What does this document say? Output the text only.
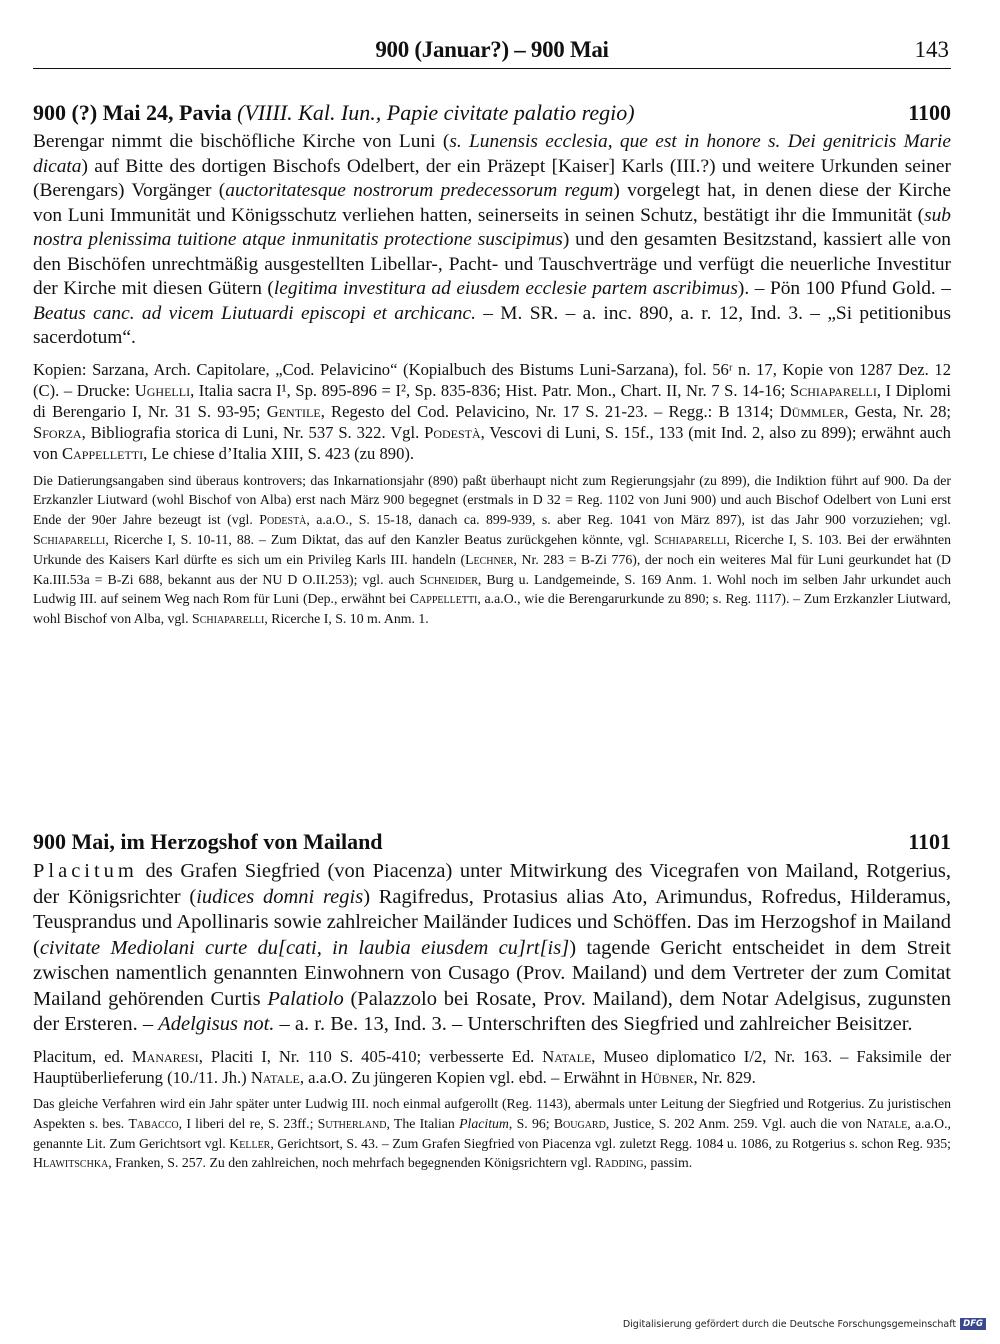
900 (Januar?) – 900 Mai	143
900 (?) Mai 24, Pavia (VIIII. Kal. Iun., Papie civitate palatio regio)	1100

Berengar nimmt die bischöfliche Kirche von Luni (s. Lunensis ecclesia, que est in honore s. Dei genitricis Marie dicata) auf Bitte des dortigen Bischofs Odelbert, der ein Präzept [Kaiser] Karls (III.?) und weitere Urkunden seiner (Berengars) Vorgänger (auctoritatesque nostrorum predecessorum regum) vorgelegt hat, in denen diese der Kirche von Luni Immunität und Königsschutz verliehen hatten, seinerseits in seinen Schutz, bestätigt ihr die Immunität (sub nostra plenissima tuitione atque inmunitatis protectione suscipimus) und den gesamten Besitzstand, kassiert alle von den Bischöfen unrechtmäßig ausgestellten Libellar-, Pacht- und Tauschverträge und verfügt die neuerliche Investitur der Kirche mit diesen Gütern (legitima investitura ad eiusdem ecclesie partem ascribimus). – Pön 100 Pfund Gold. – Beatus canc. ad vicem Liutuardi episcopi et archicanc. – M. SR. – a. inc. 890, a. r. 12, Ind. 3. – „Si petitionibus sacerdotum“.

Kopien: Sarzana, Arch. Capitolare, „Cod. Pelavicino“ (Kopialbuch des Bistums Luni-Sarzana), fol. 56ʳ n. 17, Kopie von 1287 Dez. 12 (C). – Drucke: Ughelli, Italia sacra I¹, Sp. 895-896 = I², Sp. 835-836; Hist. Patr. Mon., Chart. II, Nr. 7 S. 14-16; Schiaparelli, I Diplomi di Berengario I, Nr. 31 S. 93-95; Gentile, Regesto del Cod. Pelavicino, Nr. 17 S. 21-23. – Regg.: B 1314; Dümmler, Gesta, Nr. 28; Sforza, Bibliografia storica di Luni, Nr. 537 S. 322. Vgl. Podestà, Vescovi di Luni, S. 15f., 133 (mit Ind. 2, also zu 899); erwähnt auch von Cappelletti, Le chiese d’Italia XIII, S. 423 (zu 890).

Die Datierungsangaben sind überaus kontrovers; das Inkarnationsjahr (890) paßt überhaupt nicht zum Regierungsjahr (zu 899), die Indiktion führt auf 900. Da der Erzkanzler Liutward (wohl Bischof von Alba) erst nach März 900 begegnet (erstmals in D 32 = Reg. 1102 von Juni 900) und auch Bischof Odelbert von Luni erst Ende der 90er Jahre bezeugt ist (vgl. Podestà, a.a.O., S. 15-18, danach ca. 899-939, s. aber Reg. 1041 von März 897), ist das Jahr 900 vorzuziehen; vgl. Schiaparelli, Ricerche I, S. 10-11, 88. – Zum Diktat, das auf den Kanzler Beatus zurückgehen könnte, vgl. Schiaparelli, Ricerche I, S. 103. Bei der erwähnten Urkunde des Kaisers Karl dürfte es sich um ein Privileg Karls III. handeln (Lechner, Nr. 283 = B-Zi 776), der noch ein weiteres Mal für Luni geurkundet hat (D Ka.III.53a = B-Zi 688, bekannt aus der NU D O.II.253); vgl. auch Schneider, Burg u. Landgemeinde, S. 169 Anm. 1. Wohl noch im selben Jahr urkundet auch Ludwig III. auf seinem Weg nach Rom für Luni (Dep., erwähnt bei Cappelletti, a.a.O., wie die Berengarurkunde zu 890; s. Reg. 1117). – Zum Erzkanzler Liutward, wohl Bischof von Alba, vgl. Schiaparelli, Ricerche I, S. 10 m. Anm. 1.

900 Mai, im Herzogshof von Mailand	1101

Placitum des Grafen Siegfried (von Piacenza) unter Mitwirkung des Vicegrafen von Mailand, Rotgerius, der Königsrichter (iudices domni regis) Ragifredus, Protasius alias Ato, Arimundus, Rofredus, Hilderamus, Teusprandus und Apollinaris sowie zahlreicher Mailänder Iudices und Schöffen. Das im Herzogshof in Mailand (civitate Mediolani curte du[cati, in laubia eiusdem cu]rt[is]) tagende Gericht entscheidet in dem Streit zwischen namentlich genannten Einwohnern von Cusago (Prov. Mailand) und dem Vertreter der zum Comitat Mailand gehörenden Curtis Palatiolo (Palazzolo bei Rosate, Prov. Mailand), dem Notar Adelgisus, zugunsten der Ersteren. – Adelgisus not. – a. r. Be. 13, Ind. 3. – Unterschriften des Siegfried und zahlreicher Beisitzer.

Placitum, ed. Manaresi, Placiti I, Nr. 110 S. 405-410; verbesserte Ed. Natale, Museo diplomatico I/2, Nr. 163. – Faksimile der Hauptüberlieferung (10./11. Jh.) Natale, a.a.O. Zu jüngeren Kopien vgl. ebd. – Erwähnt in Hübner, Nr. 829.

Das gleiche Verfahren wird ein Jahr später unter Ludwig III. noch einmal aufgerollt (Reg. 1143), abermals unter Leitung der Siegfried und Rotgerius. Zu juristischen Aspekten s. bes. Tabacco, I liberi del re, S. 23ff.; Sutherland, The Italian Placitum, S. 96; Bougard, Justice, S. 202 Anm. 259. Vgl. auch die von Natale, a.a.O., genannte Lit. Zum Gerichtsort vgl. Keller, Gerichtsort, S. 43. – Zum Grafen Siegfried von Piacenza vgl. zuletzt Regg. 1084 u. 1086, zu Rotgerius s. schon Reg. 935; Hlawitschka, Franken, S. 257. Zu den zahlreichen, noch mehrfach begegnenden Königsrichtern vgl. Radding, passim.

Digitalisierung gefördert durch die Deutsche Forschungsgemeinschaft DFG
